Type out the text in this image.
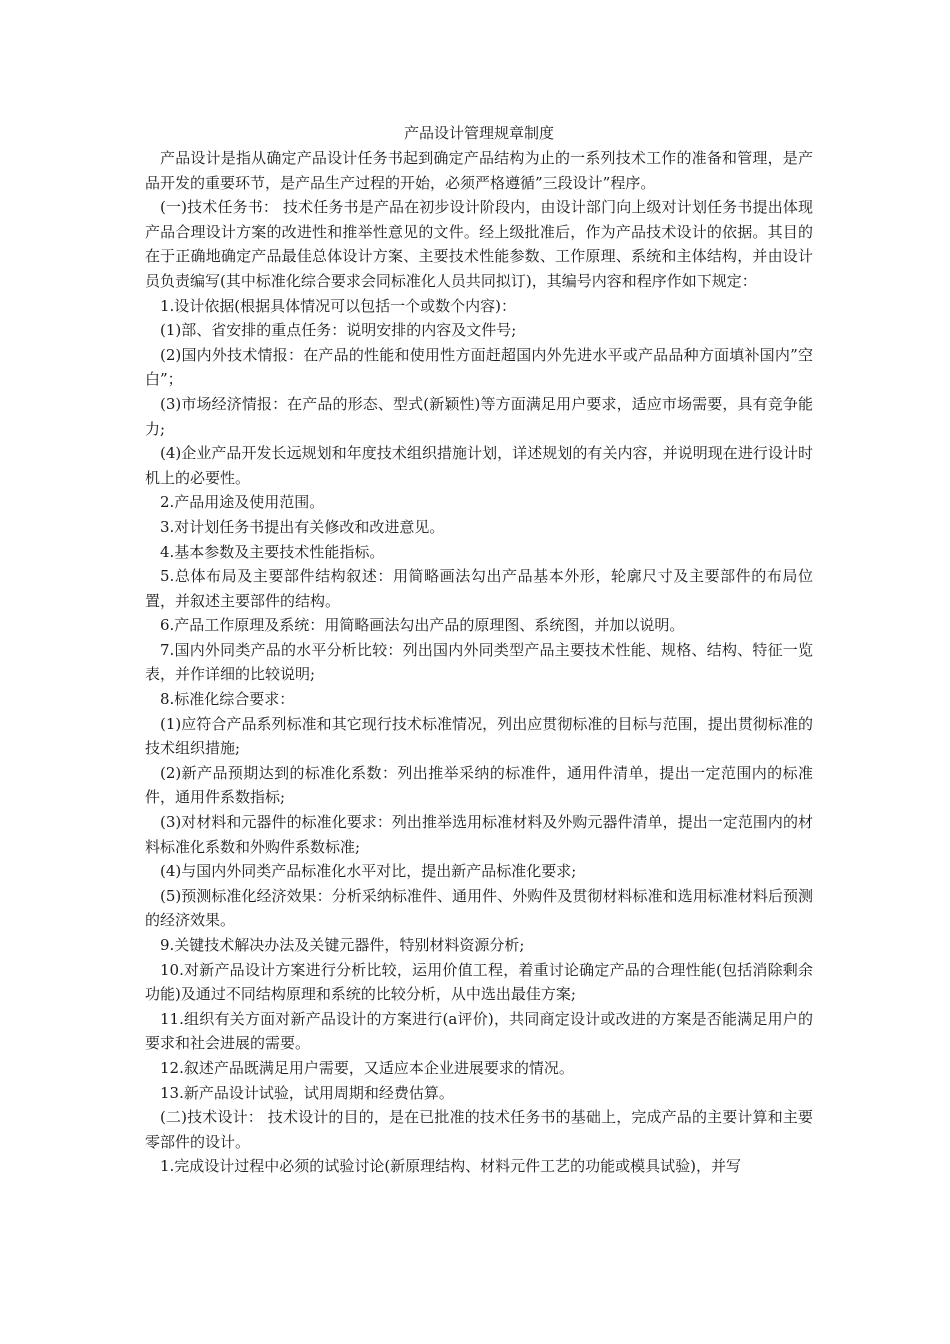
产品设计管理规章制度

产品设计是指从确定产品设计任务书起到确定产品结构为止的一系列技术工作的准备和管理，是产品开发的重要环节，是产品生产过程的开始，必须严格遵循”三段设计”程序。

(一)技术任务书： 技术任务书是产品在初步设计阶段内，由设计部门向上级对计划任务书提出体现产品合理设计方案的改进性和推举性意见的文件。经上级批准后，作为产品技术设计的依据。其目的在于正确地确定产品最佳总体设计方案、主要技术性能参数、工作原理、系统和主体结构，并由设计员负责编写(其中标准化综合要求会同标准化人员共同拟订)，其编号内容和程序作如下规定：

1.设计依据(根据具体情况可以包括一个或数个内容)：

(1)部、省安排的重点任务：说明安排的内容及文件号;

(2)国内外技术情报：在产品的性能和使用性方面赶超国内外先进水平或产品品种方面填补国内”空白”；

(3)市场经济情报：在产品的形态、型式(新颖性)等方面满足用户要求，适应市场需要，具有竞争能力;

(4)企业产品开发长远规划和年度技术组织措施计划，详述规划的有关内容，并说明现在进行设计时机上的必要性。

2.产品用途及使用范围。

3.对计划任务书提出有关修改和改进意见。

4.基本参数及主要技术性能指标。

5.总体布局及主要部件结构叙述：用简略画法勾出产品基本外形，轮廓尺寸及主要部件的布局位置，并叙述主要部件的结构。

6.产品工作原理及系统：用简略画法勾出产品的原理图、系统图，并加以说明。

7.国内外同类产品的水平分析比较：列出国内外同类型产品主要技术性能、规格、结构、特征一览表，并作详细的比较说明;

8.标准化综合要求：

(1)应符合产品系列标准和其它现行技术标准情况，列出应贯彻标准的目标与范围，提出贯彻标准的技术组织措施;

(2)新产品预期达到的标准化系数：列出推举采纳的标准件，通用件清单，提出一定范围内的标准件，通用件系数指标;

(3)对材料和元器件的标准化要求：列出推举选用标准材料及外购元器件清单，提出一定范围内的材料标准化系数和外购件系数标准;

(4)与国内外同类产品标准化水平对比，提出新产品标准化要求;

(5)预测标准化经济效果：分析采纳标准件、通用件、外购件及贯彻材料标准和选用标准材料后预测的经济效果。

9.关键技术解决办法及关键元器件，特别材料资源分析;

10.对新产品设计方案进行分析比较，运用价值工程，着重讨论确定产品的合理性能(包括消除剩余功能)及通过不同结构原理和系统的比较分析，从中选出最佳方案;

11.组织有关方面对新产品设计的方案进行(a评价)，共同商定设计或改进的方案是否能满足用户的要求和社会进展的需要。

12.叙述产品既满足用户需要，又适应本企业进展要求的情况。

13.新产品设计试验，试用周期和经费估算。

(二)技术设计： 技术设计的目的，是在已批准的技术任务书的基础上，完成产品的主要计算和主要零部件的设计。

1.完成设计过程中必须的试验讨论(新原理结构、材料元件工艺的功能或模具试验)，并写
